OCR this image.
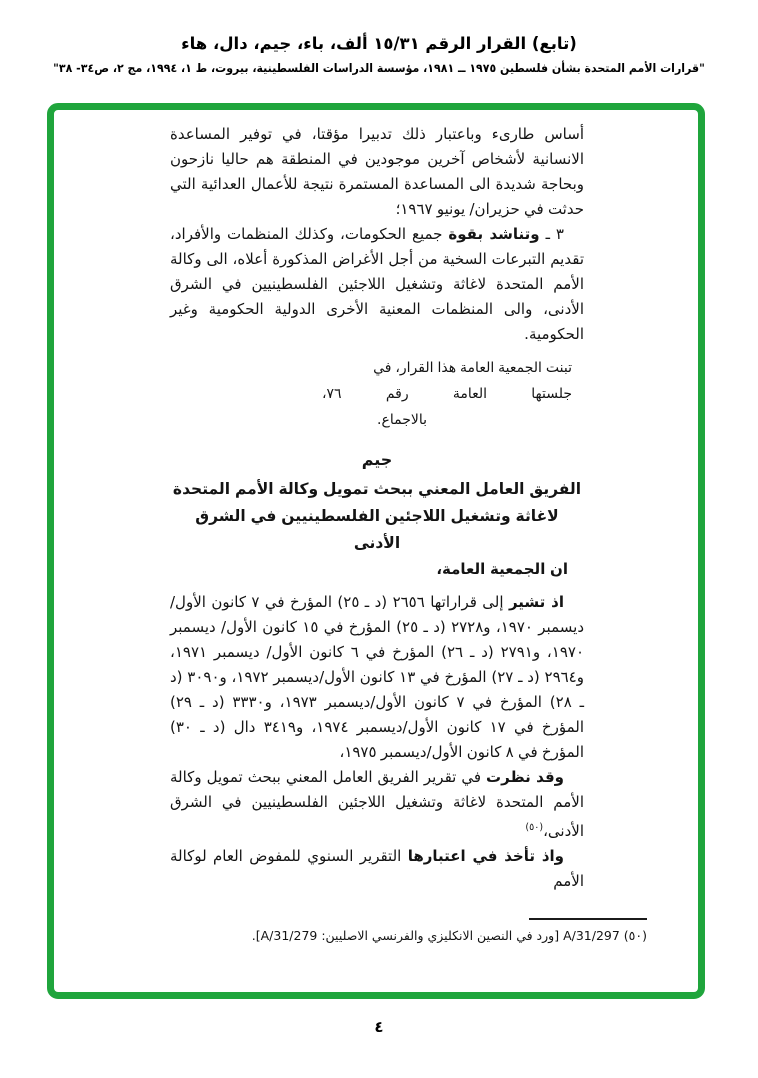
(تابع) القرار الرقم ١٥/٣١ ألف، باء، جيم، دال، هاء
"قرارات الأمم المتحدة بشأن فلسطين ١٩٧٥ ــ ١٩٨١، مؤسسة الدراسات الفلسطينية، بيروت، ط ١، ١٩٩٤، مج ٢، ص٣٤- ٣٨"

أساس طارىء وباعتبار ذلك تدبيرا مؤقتا، في توفير المساعدة الانسانية لأشخاص آخرين موجودين في المنطقة هم حاليا نازحون وبحاجة شديدة الى المساعدة المستمرة نتيجة للأعمال العدائية التي حدثت في حزيران/ يونيو ١٩٦٧؛

٣ ـ وتناشد بقوة جميع الحكومات، وكذلك المنظمات والأفراد، تقديم التبرعات السخية من أجل الأغراض المذكورة أعلاه، الى وكالة الأمم المتحدة لاغاثة وتشغيل اللاجئين الفلسطينيين في الشرق الأدنى، والى المنظمات المعنية الأخرى الدولية الحكومية وغير الحكومية.

تبنت الجمعية العامة هذا القرار، في
جلستها العامة رقم ٧٦،
بالاجماع.
جيم
الفريق العامل المعني ببحث تمويل وكالة الأمم المتحدة
لاغاثة وتشغيل اللاجئين الفلسطينيين في الشرق الأدنى

ان الجمعية العامة،

اذ تشير إلى قراراتها ٢٦٥٦ (د ـ ٢٥) المؤرخ في ٧ كانون الأول/ ديسمبر ١٩٧٠، و٢٧٢٨ (د ـ ٢٥) المؤرخ في ١٥ كانون الأول/ ديسمبر ١٩٧٠، و٢٧٩١ (د ـ ٢٦) المؤرخ في ٦ كانون الأول/ ديسمبر ١٩٧١، و٢٩٦٤ (د ـ ٢٧) المؤرخ في ١٣ كانون الأول/ديسمبر ١٩٧٢، و٣٠٩٠ (د ـ ٢٨) المؤرخ في ٧ كانون الأول/ديسمبر ١٩٧٣، و٣٣٣٠ (د ـ ٢٩) المؤرخ في ١٧ كانون الأول/ديسمبر ١٩٧٤، و٣٤١٩ دال (د ـ ٣٠) المؤرخ في ٨ كانون الأول/ديسمبر ١٩٧٥،

وقد نظرت في تقرير الفريق العامل المعني ببحث تمويل وكالة الأمم المتحدة لاغاثة وتشغيل اللاجئين الفلسطينيين في الشرق الأدنى،$^{(٥٠)}$

واذ تأخذ في اعتبارها التقرير السنوي للمفوض العام لوكالة الأمم

(٥٠) A/31/297 [ورد في النصين الانكليزي والفرنسي الاصليين: A/31/279].
٤
